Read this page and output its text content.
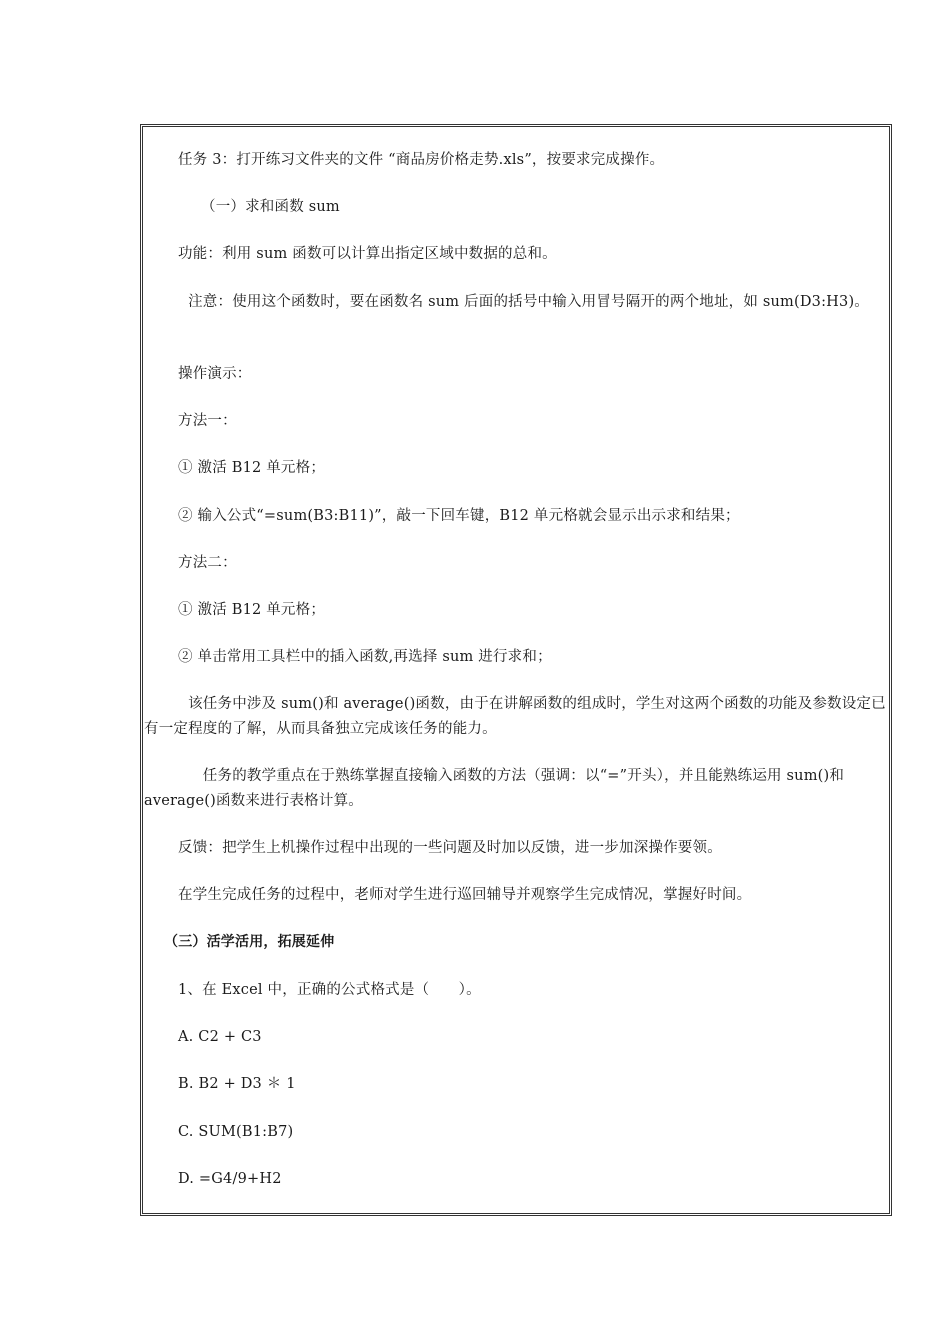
任务 3：打开练习文件夹的文件 “商品房价格走势.xls”，按要求完成操作。
（一）求和函数 sum
功能：利用 sum 函数可以计算出指定区域中数据的总和。
　　　注意：使用这个函数时，要在函数名 sum 后面的括号中输入用冒号隔开的两个地址，如 sum(D3:H3)。
操作演示：
方法一：
① 激活 B12 单元格；
② 输入公式“=sum(B3:B11)”，敲一下回车键，B12 单元格就会显示出示求和结果；
方法二：
① 激活 B12 单元格；
② 单击常用工具栏中的插入函数,再选择 sum 进行求和；
　　　该任务中涉及 sum()和 average()函数，由于在讲解函数的组成时，学生对这两个函数的功能及参数设定已有一定程度的了解，从而具备独立完成该任务的能力。
　　　　任务的教学重点在于熟练掌握直接输入函数的方法（强调：以“=”开头），并且能熟练运用 sum()和 average()函数来进行表格计算。
反馈：把学生上机操作过程中出现的一些问题及时加以反馈，进一步加深操作要领。
在学生完成任务的过程中，老师对学生进行巡回辅导并观察学生完成情况，掌握好时间。
（三）活学活用，拓展延伸
1、在 Excel 中，正确的公式格式是（　　）。
A. C2 + C3
B. B2 + D3 ＊ 1
C. SUM(B1:B7)
D. =G4/9+H2
